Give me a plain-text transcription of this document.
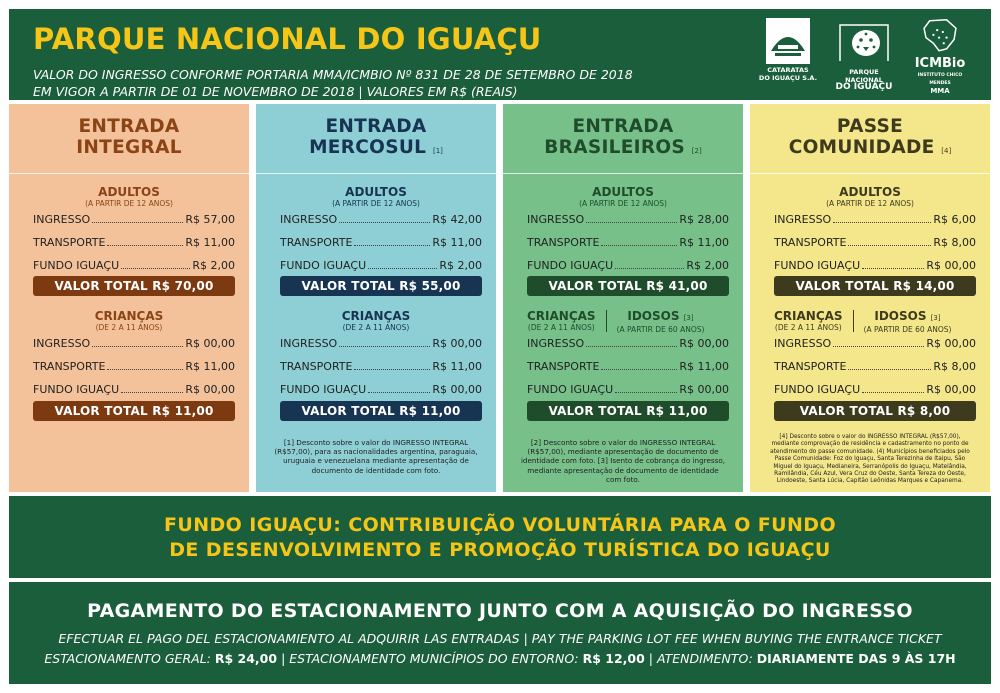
PARQUE NACIONAL DO IGUAÇU
VALOR DO INGRESSO CONFORME PORTARIA MMA/ICMBIO Nº 831 DE 28 DE SETEMBRO DE 2018
EM VIGOR A PARTIR DE 01 DE NOVEMBRO DE 2018 | VALORES EM R$ (REAIS)
CATARATAS
DO IGUAÇU S.A.
PARQUE NACIONAL
DO IGUAÇU
ICMBio
INSTITUTO CHICO MENDES
MMA
ENTRADA
INTEGRAL
ADULTOS
(A PARTIR DE 12 ANOS)
INGRESSO	R$ 57,00
TRANSPORTE	R$ 11,00
FUNDO IGUAÇU	R$ 2,00
VALOR TOTAL R$ 70,00
CRIANÇAS
(DE 2 A 11 ANOS)
INGRESSO	R$ 00,00
TRANSPORTE	R$ 11,00
FUNDO IGUAÇU	R$ 00,00
VALOR TOTAL R$ 11,00
ENTRADA
MERCOSUL [1]
ADULTOS
(A PARTIR DE 12 ANOS)
INGRESSO	R$ 42,00
TRANSPORTE	R$ 11,00
FUNDO IGUAÇU	R$ 2,00
VALOR TOTAL R$ 55,00
CRIANÇAS
(DE 2 A 11 ANOS)
INGRESSO	R$ 00,00
TRANSPORTE	R$ 11,00
FUNDO IGUAÇU	R$ 00,00
VALOR TOTAL R$ 11,00
[1] Desconto sobre o valor do INGRESSO INTEGRAL (R$57,00), para as nacionalidades argentina, paraguaia, uruguaia e venezuelana mediante apresentação de documento de identidade com foto.
ENTRADA
BRASILEIROS [2]
ADULTOS
(A PARTIR DE 12 ANOS)
INGRESSO	R$ 28,00
TRANSPORTE	R$ 11,00
FUNDO IGUAÇU	R$ 2,00
VALOR TOTAL R$ 41,00
CRIANÇAS
(DE 2 A 11 ANOS)
IDOSOS [3]
(A PARTIR DE 60 ANOS)
INGRESSO	R$ 00,00
TRANSPORTE	R$ 11,00
FUNDO IGUAÇU	R$ 00,00
VALOR TOTAL R$ 11,00
[2] Desconto sobre o valor do INGRESSO INTEGRAL (R$57,00), mediante apresentação de documento de identidade com foto. [3] Isento de cobrança do ingresso, mediante apresentação de documento de identidade com foto.
PASSE
COMUNIDADE [4]
ADULTOS
(A PARTIR DE 12 ANOS)
INGRESSO	R$ 6,00
TRANSPORTE	R$ 8,00
FUNDO IGUAÇU	R$ 00,00
VALOR TOTAL R$ 14,00
CRIANÇAS
(DE 2 A 11 ANOS)
IDOSOS [3]
(A PARTIR DE 60 ANOS)
INGRESSO	R$ 00,00
TRANSPORTE	R$ 8,00
FUNDO IGUAÇU	R$ 00,00
VALOR TOTAL R$ 8,00
[4] Desconto sobre o valor do INGRESSO INTEGRAL (R$57,00), mediante comprovação de residência e cadastramento no ponto de atendimento do passe comunidade. (4) Municípios beneficiados pelo Passe Comunidade: Foz do Iguaçu, Santa Terezinha de Itaipu, São Miguel do Iguaçu, Medianeira, Serranópolis do Iguaçu, Matelândia, Ramilândia, Céu Azul, Vera Cruz do Oeste, Santa Tereza do Oeste, Lindoeste, Santa Lúcia, Capitão Leônidas Marques e Capanema.
FUNDO IGUAÇU: CONTRIBUIÇÃO VOLUNTÁRIA PARA O FUNDO
DE DESENVOLVIMENTO E PROMOÇÃO TURÍSTICA DO IGUAÇU
PAGAMENTO DO ESTACIONAMENTO JUNTO COM A AQUISIÇÃO DO INGRESSO
EFECTUAR EL PAGO DEL ESTACIONAMIENTO AL ADQUIRIR LAS ENTRADAS | PAY THE PARKING LOT FEE WHEN BUYING THE ENTRANCE TICKET
ESTACIONAMENTO GERAL: R$ 24,00 | ESTACIONAMENTO MUNICÍPIOS DO ENTORNO: R$ 12,00 | ATENDIMENTO: DIARIAMENTE DAS 9 ÀS 17H
